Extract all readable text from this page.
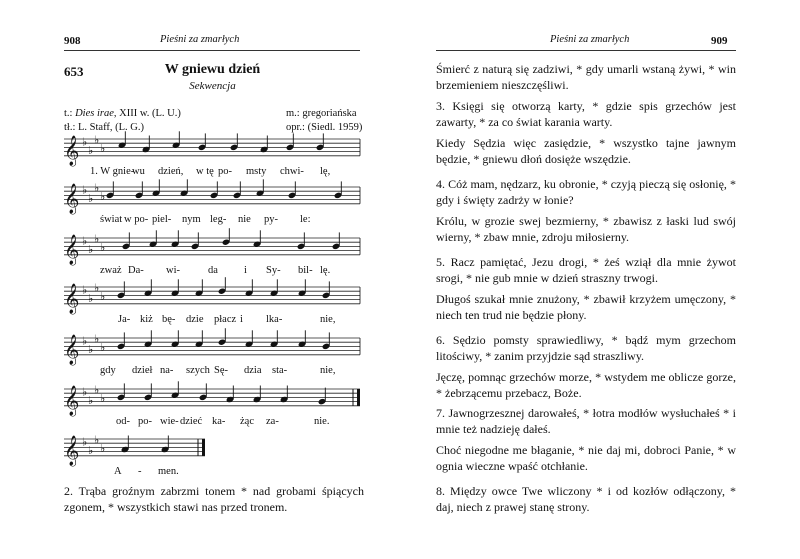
908	Pieśni za zmarłych
653	W gniewu dzień
Sekwencja
t.: Dies irae, XIII w. (L. U.)
tł.: L. Staff, (L. G.)
m.: gregoriańska
opr.: (Siedl. 1959)
𝄞 ♭
♭
♭
♭
1. W gnie-
wu dzień, w tę po- msty chwi- lę,
𝄞 ♭
♭
♭
♭
świat w po- piel- nym leg- nie py- le:
𝄞 ♭
♭
♭
♭
zważ Da- wi-	da i Sy- bil- lę.
𝄞 ♭
♭
♭
♭
Ja- kiż bę- dzie płacz i lka-	nie,
𝄞 ♭
♭
♭
♭
gdy dzieł na- szych Sę- dzia sta-	nie,
𝄞 ♭
♭
♭
♭
od- po- wie- dzieć ka- żąc za-	nie.
𝄞 ♭
♭
♭
♭
A - men.
2. Trąba groźnym zabrzmi tonem * nad grobami śpiących zgonem, * wszystkich stawi nas przed tronem.
Pieśni za zmarłych	909
Śmierć z naturą się zadziwi, * gdy umarli wstaną żywi, * win brzemieniem nieszczęśliwi.
3. Księgi się otworzą karty, * gdzie spis grzechów jest zawarty, * za co świat karania warty.
Kiedy Sędzia więc zasiędzie, * wszystko tajne jawnym będzie, * gniewu dłoń dosięże wszędzie.
4. Cóż mam, nędzarz, ku obronie, * czyją pieczą się osłonię, * gdy i święty zadrży w łonie?
Królu, w grozie swej bezmierny, * zbawisz z łaski lud swój wierny, * zbaw mnie, zdroju miłosierny.
5. Racz pamiętać, Jezu drogi, * żeś wziął dla mnie żywot srogi, * nie gub mnie w dzień straszny trwogi.
Długoś szukał mnie znużony, * zbawił krzyżem umęczony, * niech ten trud nie będzie płony.
6. Sędzio pomsty sprawiedliwy, * bądź mym grzechom litościwy, * zanim przyjdzie sąd straszliwy.
Jęczę, pomnąc grzechów morze, * wstydem me oblicze gorze, * żebrzącemu przebacz, Boże.
7. Jawnogrzesznej darowałeś, * łotra modłów wysłuchałeś * i mnie też nadzieję dałeś.
Choć niegodne me błaganie, * nie daj mi, dobroci Panie, * w ognia wieczne wpaść otchłanie.
8. Między owce Twe wliczony * i od kozłów odłączony, * daj, niech z prawej stanę strony.
